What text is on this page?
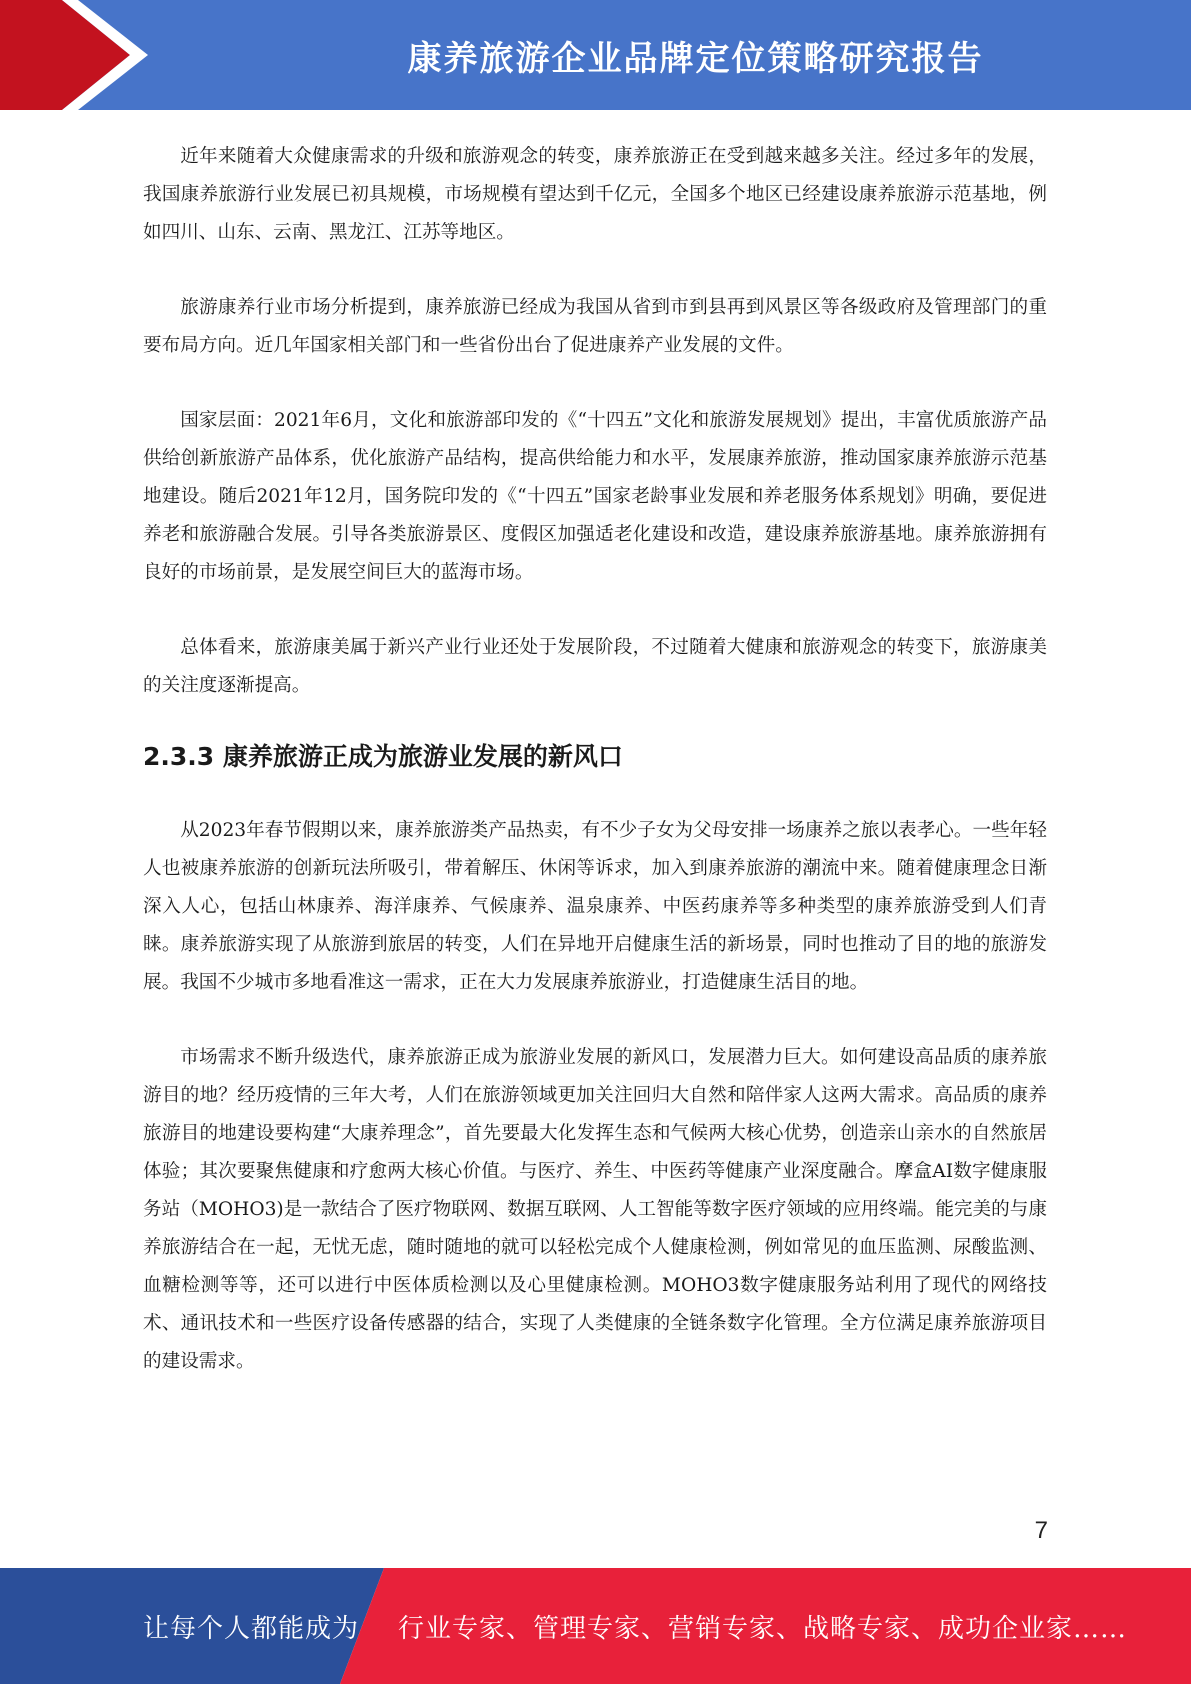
康养旅游企业品牌定位策略研究报告

近年来随着大众健康需求的升级和旅游观念的转变，康养旅游正在受到越来越多关注。经过多年的发展，我国康养旅游行业发展已初具规模，市场规模有望达到千亿元，全国多个地区已经建设康养旅游示范基地，例如四川、山东、云南、黑龙江、江苏等地区。

旅游康养行业市场分析提到，康养旅游已经成为我国从省到市到县再到风景区等各级政府及管理部门的重要布局方向。近几年国家相关部门和一些省份出台了促进康养产业发展的文件。

国家层面：2021年6月，文化和旅游部印发的《“十四五”文化和旅游发展规划》提出，丰富优质旅游产品供给创新旅游产品体系，优化旅游产品结构，提高供给能力和水平，发展康养旅游，推动国家康养旅游示范基地建设。随后2021年12月，国务院印发的《“十四五”国家老龄事业发展和养老服务体系规划》明确，要促进养老和旅游融合发展。引导各类旅游景区、度假区加强适老化建设和改造，建设康养旅游基地。康养旅游拥有良好的市场前景，是发展空间巨大的蓝海市场。

总体看来，旅游康美属于新兴产业行业还处于发展阶段，不过随着大健康和旅游观念的转变下，旅游康美的关注度逐渐提高。

2.3.3 康养旅游正成为旅游业发展的新风口

从2023年春节假期以来，康养旅游类产品热卖，有不少子女为父母安排一场康养之旅以表孝心。一些年轻人也被康养旅游的创新玩法所吸引，带着解压、休闲等诉求，加入到康养旅游的潮流中来。随着健康理念日渐深入人心，包括山林康养、海洋康养、气候康养、温泉康养、中医药康养等多种类型的康养旅游受到人们青睐。康养旅游实现了从旅游到旅居的转变，人们在异地开启健康生活的新场景，同时也推动了目的地的旅游发展。我国不少城市多地看准这一需求，正在大力发展康养旅游业，打造健康生活目的地。

市场需求不断升级迭代，康养旅游正成为旅游业发展的新风口，发展潜力巨大。如何建设高品质的康养旅游目的地？经历疫情的三年大考，人们在旅游领域更加关注回归大自然和陪伴家人这两大需求。高品质的康养旅游目的地建设要构建“大康养理念”，首先要最大化发挥生态和气候两大核心优势，创造亲山亲水的自然旅居体验；其次要聚焦健康和疗愈两大核心价值。与医疗、养生、中医药等健康产业深度融合。摩盒AI数字健康服务站（MOHO3)是一款结合了医疗物联网、数据互联网、人工智能等数字医疗领域的应用终端。能完美的与康养旅游结合在一起，无忧无虑，随时随地的就可以轻松完成个人健康检测，例如常见的血压监测、尿酸监测、血糖检测等等，还可以进行中医体质检测以及心里健康检测。MOHO3数字健康服务站利用了现代的网络技术、通讯技术和一些医疗设备传感器的结合，实现了人类健康的全链条数字化管理。全方位满足康养旅游项目的建设需求。

7
让每个人都能成为 行业专家、管理专家、营销专家、战略专家、成功企业家……
